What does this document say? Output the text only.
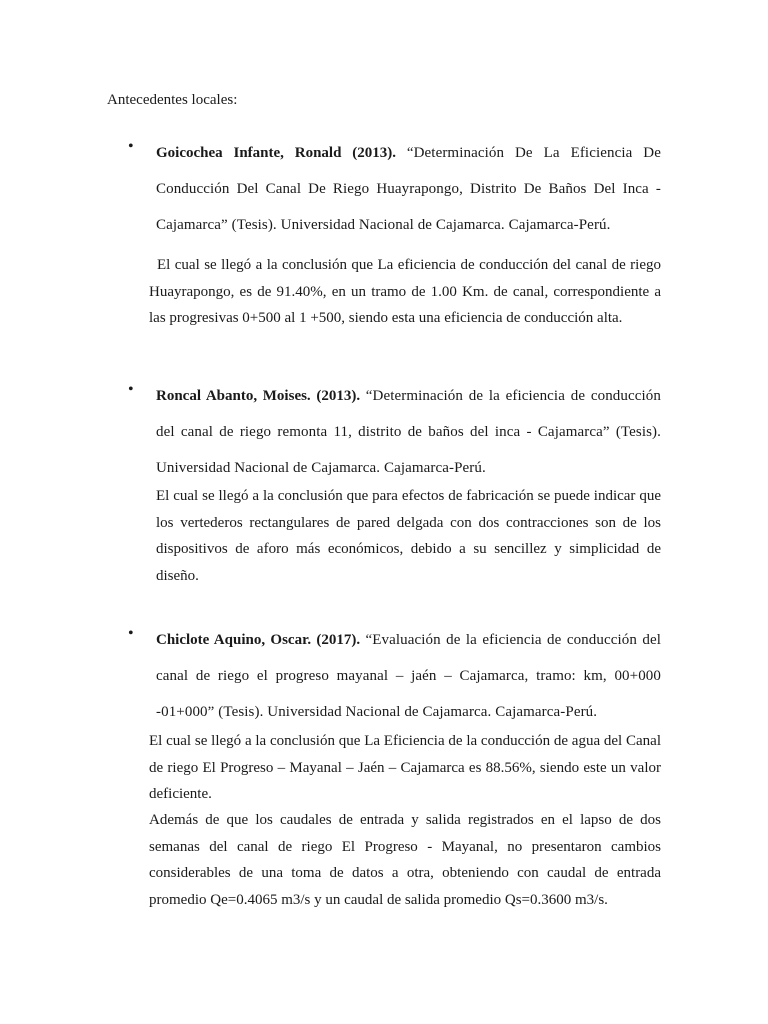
Antecedentes locales:
• Goicochea Infante, Ronald (2013). “Determinación De La Eficiencia De Conducción Del Canal De Riego Huayrapongo, Distrito De Baños Del Inca - Cajamarca” (Tesis). Universidad Nacional de Cajamarca. Cajamarca-Perú.

El cual se llegó a la conclusión que La eficiencia de conducción del canal de riego Huayrapongo, es de 91.40%, en un tramo de 1.00 Km. de canal, correspondiente a las progresivas 0+500 al 1 +500, siendo esta una eficiencia de conducción alta.

• Roncal Abanto, Moises. (2013). “Determinación de la eficiencia de conducción del canal de riego remonta 11, distrito de baños del inca - Cajamarca” (Tesis). Universidad Nacional de Cajamarca. Cajamarca-Perú.

El cual se llegó a la conclusión que para efectos de fabricación se puede indicar que los vertederos rectangulares de pared delgada con dos contracciones son de los dispositivos de aforo más económicos, debido a su sencillez y simplicidad de diseño.

• Chiclote Aquino, Oscar. (2017). “Evaluación de la eficiencia de conducción del canal de riego el progreso mayanal – jaén – Cajamarca, tramo: km, 00+000 -01+000” (Tesis). Universidad Nacional de Cajamarca. Cajamarca-Perú.

El cual se llegó a la conclusión que La Eficiencia de la conducción de agua del Canal de riego El Progreso – Mayanal – Jaén – Cajamarca es 88.56%, siendo este un valor deficiente.

Además de que los caudales de entrada y salida registrados en el lapso de dos semanas del canal de riego El Progreso - Mayanal, no presentaron cambios considerables de una toma de datos a otra, obteniendo con caudal de entrada promedio Qe=0.4065 m3/s y un caudal de salida promedio Qs=0.3600 m3/s.
